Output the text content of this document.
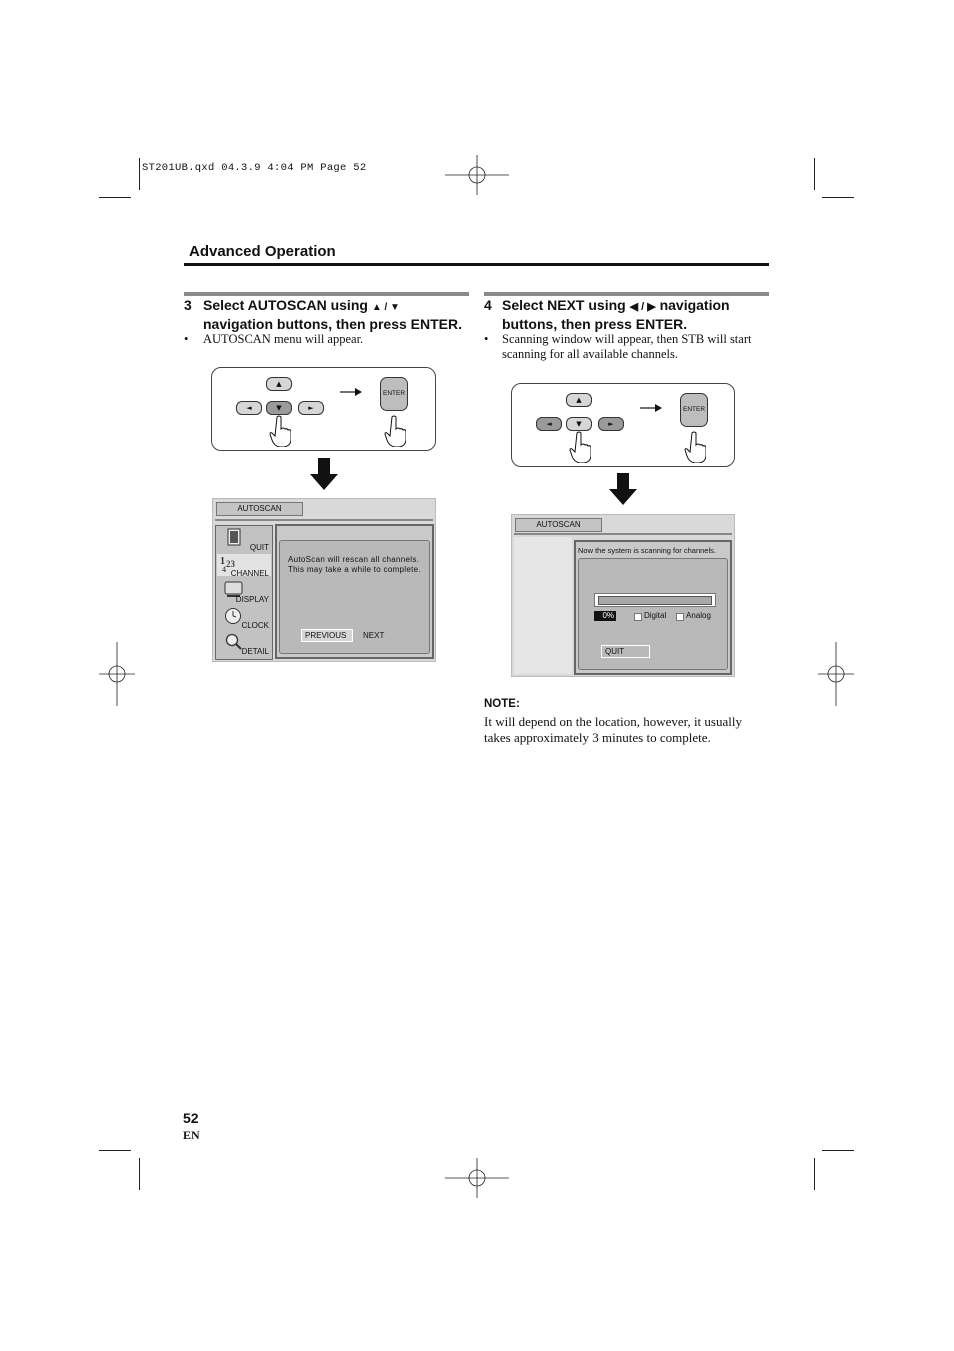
ST201UB.qxd 04.3.9 4:04 PM Page 52
Advanced Operation
3 Select AUTOSCAN using ▲ / ▼
navigation buttons, then press ENTER.
• AUTOSCAN menu will appear.
▲
◄	▼	►
ENTER
AUTOSCAN
QUIT
1 23
4 CHANNEL
DISPLAY
CLOCK
DETAIL
AutoScan will rescan all channels.
This may take a while to complete.
PREVIOUS	NEXT
4 Select NEXT using ◀ / ▶ navigation
buttons, then press ENTER.
• Scanning window will appear, then STB will start
scanning for all available channels.
▲
◄	▼	►
ENTER
AUTOSCAN
Now the system is scanning for channels.
0%	Digital Analog
QUIT
NOTE:
It will depend on the location, however, it usually
takes approximately 3 minutes to complete.
52
EN
